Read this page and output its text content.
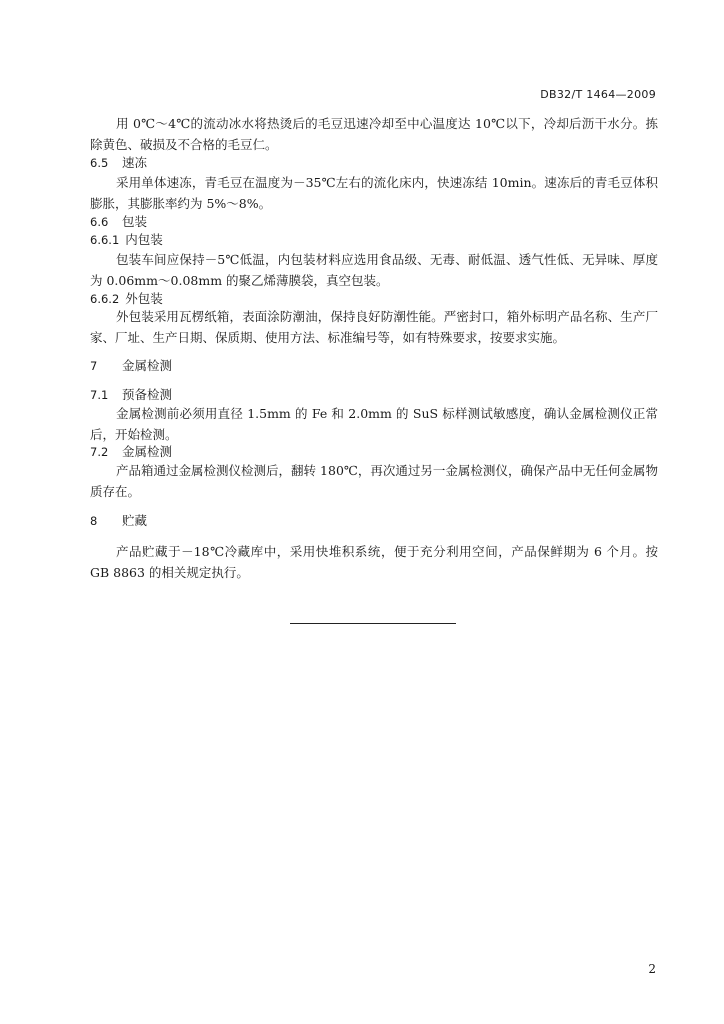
DB32/T 1464—2009
用 0℃～4℃的流动冰水将热烫后的毛豆迅速冷却至中心温度达 10℃以下，冷却后沥干水分。拣除黄色、破损及不合格的毛豆仁。
6.5 速冻
采用单体速冻，青毛豆在温度为－35℃左右的流化床内，快速冻结 10min。速冻后的青毛豆体积膨胀，其膨胀率约为 5%～8%。
6.6 包装
6.6.1 内包装
包装车间应保持－5℃低温，内包装材料应选用食品级、无毒、耐低温、透气性低、无异味、厚度为 0.06mm～0.08mm 的聚乙烯薄膜袋，真空包装。
6.6.2 外包装
外包装采用瓦楞纸箱，表面涂防潮油，保持良好防潮性能。严密封口，箱外标明产品名称、生产厂家、厂址、生产日期、保质期、使用方法、标准编号等，如有特殊要求，按要求实施。
7 金属检测
7.1 预备检测
金属检测前必须用直径 1.5mm 的 Fe 和 2.0mm 的 SuS 标样测试敏感度，确认金属检测仪正常后，开始检测。
7.2 金属检测
产品箱通过金属检测仪检测后，翻转 180℃，再次通过另一金属检测仪，确保产品中无任何金属物质存在。
8 贮藏
产品贮藏于－18℃冷藏库中，采用快堆积系统，便于充分利用空间，产品保鲜期为 6 个月。按 GB 8863 的相关规定执行。
2
